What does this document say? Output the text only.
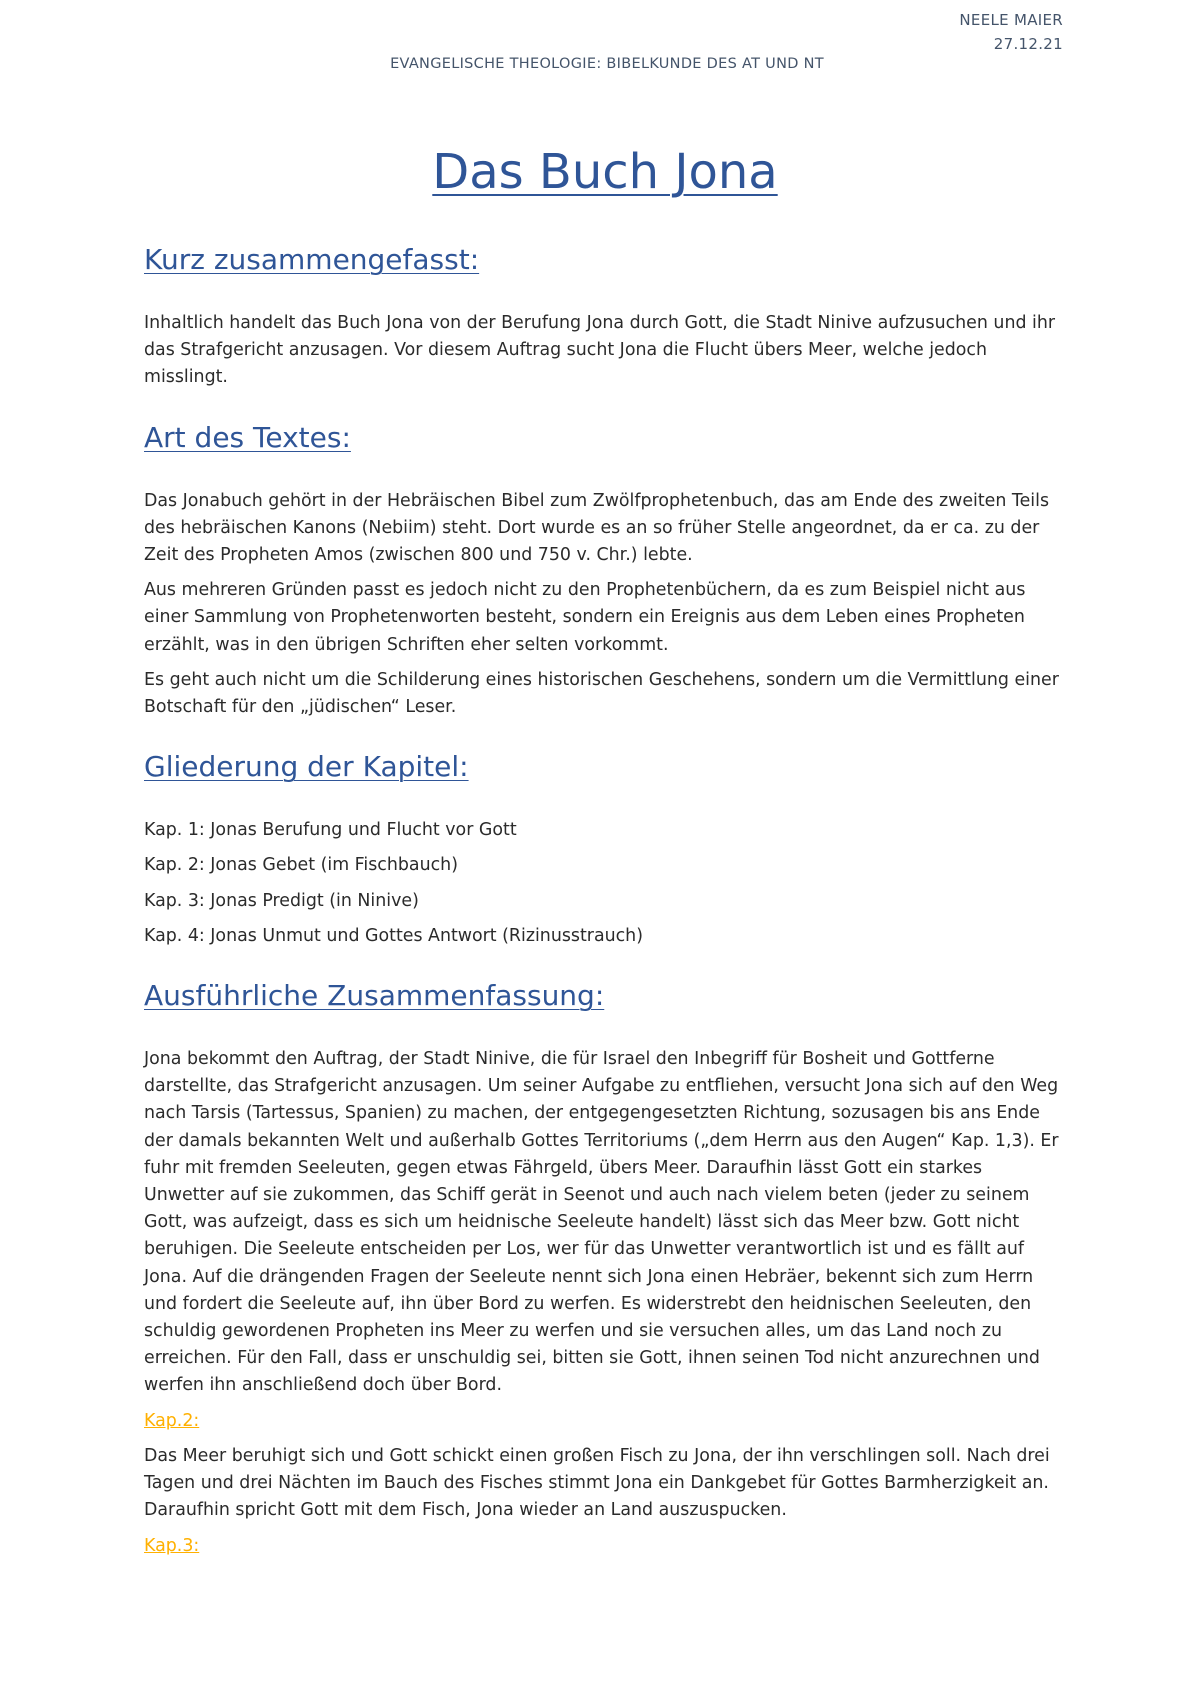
NEELE MAIER
27.12.21
EVANGELISCHE THEOLOGIE: BIBELKUNDE DES AT UND NT
Das Buch Jona
Kurz zusammengefasst:

Inhaltlich handelt das Buch Jona von der Berufung Jona durch Gott, die Stadt Ninive aufzusuchen und ihr das Strafgericht anzusagen. Vor diesem Auftrag sucht Jona die Flucht übers Meer, welche jedoch misslingt.

Art des Textes:

Das Jonabuch gehört in der Hebräischen Bibel zum Zwölfprophetenbuch, das am Ende des zweiten Teils des hebräischen Kanons (Nebiim) steht. Dort wurde es an so früher Stelle angeordnet, da er ca. zu der Zeit des Propheten Amos (zwischen 800 und 750 v. Chr.) lebte.

Aus mehreren Gründen passt es jedoch nicht zu den Prophetenbüchern, da es zum Beispiel nicht aus einer Sammlung von Prophetenworten besteht, sondern ein Ereignis aus dem Leben eines Propheten erzählt, was in den übrigen Schriften eher selten vorkommt.

Es geht auch nicht um die Schilderung eines historischen Geschehens, sondern um die Vermittlung einer Botschaft für den „jüdischen“ Leser.

Gliederung der Kapitel:

Kap. 1: Jonas Berufung und Flucht vor Gott

Kap. 2: Jonas Gebet (im Fischbauch)

Kap. 3: Jonas Predigt (in Ninive)

Kap. 4: Jonas Unmut und Gottes Antwort (Rizinusstrauch)

Ausführliche Zusammenfassung:

Jona bekommt den Auftrag, der Stadt Ninive, die für Israel den Inbegriff für Bosheit und Gottferne darstellte, das Strafgericht anzusagen. Um seiner Aufgabe zu entfliehen, versucht Jona sich auf den Weg nach Tarsis (Tartessus, Spanien) zu machen, der entgegengesetzten Richtung, sozusagen bis ans Ende der damals bekannten Welt und außerhalb Gottes Territoriums („dem Herrn aus den Augen“ Kap. 1,3). Er fuhr mit fremden Seeleuten, gegen etwas Fährgeld, übers Meer. Daraufhin lässt Gott ein starkes Unwetter auf sie zukommen, das Schiff gerät in Seenot und auch nach vielem beten (jeder zu seinem Gott, was aufzeigt, dass es sich um heidnische Seeleute handelt) lässt sich das Meer bzw. Gott nicht beruhigen. Die Seeleute entscheiden per Los, wer für das Unwetter verantwortlich ist und es fällt auf Jona. Auf die drängenden Fragen der Seeleute nennt sich Jona einen Hebräer, bekennt sich zum Herrn und fordert die Seeleute auf, ihn über Bord zu werfen. Es widerstrebt den heidnischen Seeleuten, den schuldig gewordenen Propheten ins Meer zu werfen und sie versuchen alles, um das Land noch zu erreichen. Für den Fall, dass er unschuldig sei, bitten sie Gott, ihnen seinen Tod nicht anzurechnen und werfen ihn anschließend doch über Bord.

Kap.2:

Das Meer beruhigt sich und Gott schickt einen großen Fisch zu Jona, der ihn verschlingen soll. Nach drei Tagen und drei Nächten im Bauch des Fisches stimmt Jona ein Dankgebet für Gottes Barmherzigkeit an. Daraufhin spricht Gott mit dem Fisch, Jona wieder an Land auszuspucken.

Kap.3:
